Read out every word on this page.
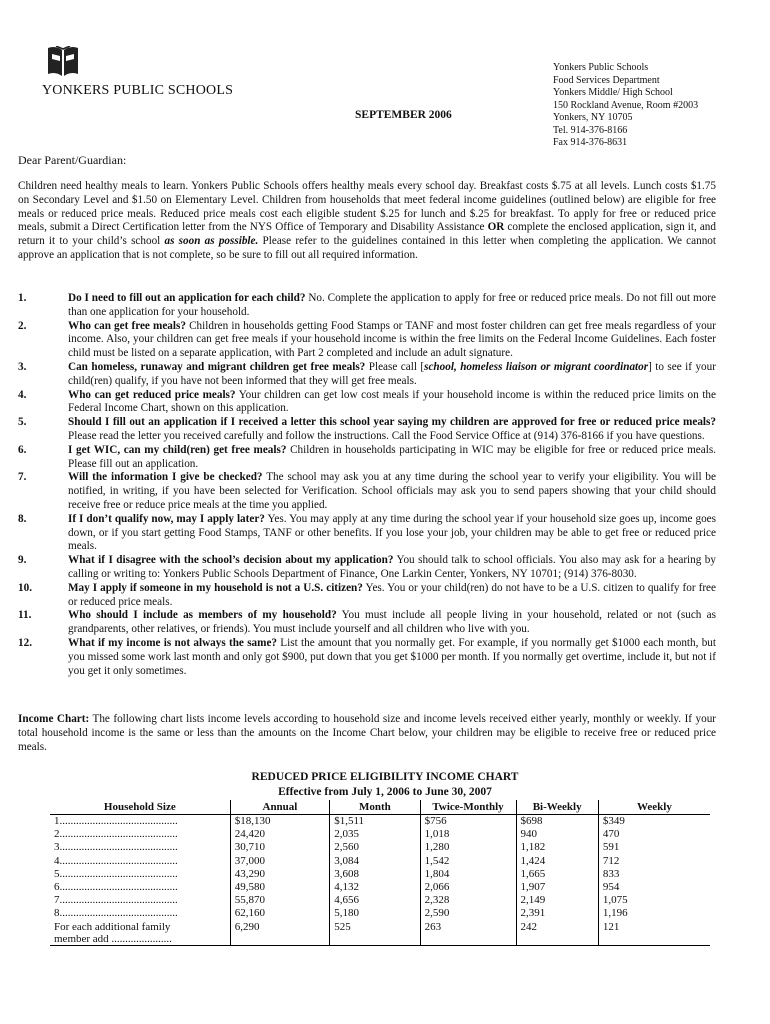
YONKERS PUBLIC SCHOOLS
Yonkers Public Schools
Food Services Department
Yonkers Middle/ High School
150 Rockland Avenue, Room #2003
Yonkers, NY 10705
Tel. 914-376-8166
Fax 914-376-8631
SEPTEMBER 2006
Dear Parent/Guardian:
Children need healthy meals to learn. Yonkers Public Schools offers healthy meals every school day. Breakfast costs $.75 at all levels. Lunch costs $1.75 on Secondary Level and $1.50 on Elementary Level. Children from households that meet federal income guidelines (outlined below) are eligible for free meals or reduced price meals. Reduced price meals cost each eligible student $.25 for lunch and $.25 for breakfast. To apply for free or reduced price meals, submit a Direct Certification letter from the NYS Office of Temporary and Disability Assistance OR complete the enclosed application, sign it, and return it to your child’s school as soon as possible. Please refer to the guidelines contained in this letter when completing the application. We cannot approve an application that is not complete, so be sure to fill out all required information.
1.	Do I need to fill out an application for each child? No. Complete the application to apply for free or reduced price meals. Do not fill out more than one application for your household.
2.	Who can get free meals? Children in households getting Food Stamps or TANF and most foster children can get free meals regardless of your income. Also, your children can get free meals if your household income is within the free limits on the Federal Income Guidelines. Each foster child must be listed on a separate application, with Part 2 completed and include an adult signature.
3.	Can homeless, runaway and migrant children get free meals? Please call [school, homeless liaison or migrant coordinator] to see if your child(ren) qualify, if you have not been informed that they will get free meals.
4.	Who can get reduced price meals? Your children can get low cost meals if your household income is within the reduced price limits on the Federal Income Chart, shown on this application.
5.	Should I fill out an application if I received a letter this school year saying my children are approved for free or reduced price meals? Please read the letter you received carefully and follow the instructions. Call the Food Service Office at (914) 376-8166 if you have questions.
6.	I get WIC, can my child(ren) get free meals? Children in households participating in WIC may be eligible for free or reduced price meals. Please fill out an application.
7.	Will the information I give be checked? The school may ask you at any time during the school year to verify your eligibility. You will be notified, in writing, if you have been selected for Verification. School officials may ask you to send papers showing that your child should receive free or reduce price meals at the time you applied.
8.	If I don’t qualify now, may I apply later? Yes. You may apply at any time during the school year if your household size goes up, income goes down, or if you start getting Food Stamps, TANF or other benefits. If you lose your job, your children may be able to get free or reduced price meals.
9.	What if I disagree with the school’s decision about my application? You should talk to school officials. You also may ask for a hearing by calling or writing to: Yonkers Public Schools Department of Finance, One Larkin Center, Yonkers, NY 10701; (914) 376-8030.
10.	May I apply if someone in my household is not a U.S. citizen? Yes. You or your child(ren) do not have to be a U.S. citizen to qualify for free or reduced price meals.
11.	Who should I include as members of my household? You must include all people living in your household, related or not (such as grandparents, other relatives, or friends). You must include yourself and all children who live with you.
12.	What if my income is not always the same? List the amount that you normally get. For example, if you normally get $1000 each month, but you missed some work last month and only got $900, put down that you get $1000 per month. If you normally get overtime, include it, but not if you get it only sometimes.
Income Chart: The following chart lists income levels according to household size and income levels received either yearly, monthly or weekly. If your total household income is the same or less than the amounts on the Income Chart below, your children may be eligible to receive free or reduced price meals.
REDUCED PRICE ELIGIBILITY INCOME CHART
Effective from July 1, 2006 to June 30, 2007
Household Size	Annual	Month	Twice-Monthly	Bi-Weekly	Weekly
1...........................................	$18,130	$1,511	$756	$698	$349
2...........................................	24,420	2,035	1,018	940	470
3...........................................	30,710	2,560	1,280	1,182	591
4...........................................	37,000	3,084	1,542	1,424	712
5...........................................	43,290	3,608	1,804	1,665	833
6...........................................	49,580	4,132	2,066	1,907	954
7...........................................	55,870	4,656	2,328	2,149	1,075
8...........................................	62,160	5,180	2,590	2,391	1,196

For each additional family
member add ......................	6,290	525	263	242	121
